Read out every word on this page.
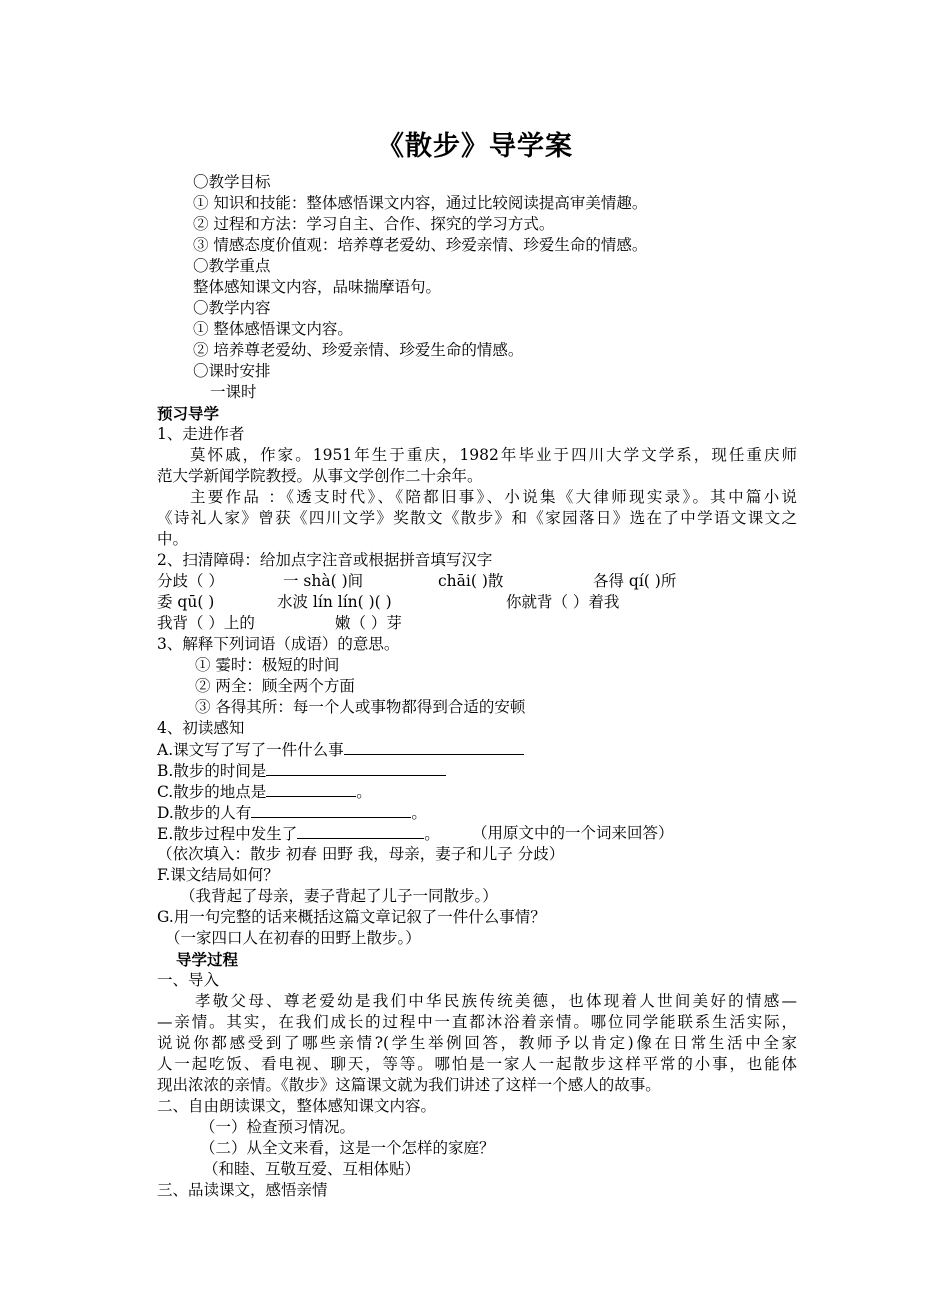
《散步》导学案
〇教学目标
① 知识和技能：整体感悟课文内容，通过比较阅读提高审美情趣。
② 过程和方法：学习自主、合作、探究的学习方式。
③ 情感态度价值观：培养尊老爱幼、珍爱亲情、珍爱生命的情感。
〇教学重点
整体感知课文内容，品味揣摩语句。
〇教学内容
① 整体感悟课文内容。
② 培养尊老爱幼、珍爱亲情、珍爱生命的情感。
〇课时安排
一课时
预习导学
1、走进作者
莫怀戚，作家。1951年生于重庆，1982年毕业于四川大学文学系，现任重庆师
范大学新闻学院教授。从事文学创作二十余年。
主要作品 ：《透支时代》、《陪都旧事》、小说集《大律师现实录》。其中篇小说
《诗礼人家》曾获《四川文学》奖散文《散步》和《家园落日》选在了中学语文课文之
中。
2、扫清障碍：给加点字注音或根据拼音填写汉字
分歧（ ）	一 shà( )间	chāi( )散	各得 qí( )所
委 qū( )	水波 lín lín( )( )	你就背（ ）着我
我背（ ）上的	嫩（ ）芽
3、解释下列词语（成语）的意思。
① 霎时：极短的时间
② 两全：顾全两个方面
③ 各得其所：每一个人或事物都得到合适的安顿
4、初读感知
A.课文写了写了一件什么事
B.散步的时间是
C.散步的地点是	。
D.散步的人有	。
E.散步过程中发生了	。 （用原文中的一个词来回答）
（依次填入：散步 初春 田野 我，母亲，妻子和儿子 分歧）
F.课文结局如何？
（我背起了母亲，妻子背起了儿子一同散步。）
G.用一句完整的话来概括这篇文章记叙了一件什么事情？
（一家四口人在初春的田野上散步。）
导学过程
一、导入
孝敬父母、尊老爱幼是我们中华民族传统美德，也体现着人世间美好的情感—
—亲情。其实，在我们成长的过程中一直都沐浴着亲情。哪位同学能联系生活实际，
说说你都感受到了哪些亲情?(学生举例回答，教师予以肯定)像在日常生活中全家
人一起吃饭、看电视、聊天，等等。哪怕是一家人一起散步这样平常的小事，也能体
现出浓浓的亲情。《散步》这篇课文就为我们讲述了这样一个感人的故事。
二、自由朗读课文，整体感知课文内容。
（一）检查预习情况。
（二）从全文来看，这是一个怎样的家庭？
（和睦、互敬互爱、互相体贴）
三、品读课文，感悟亲情
